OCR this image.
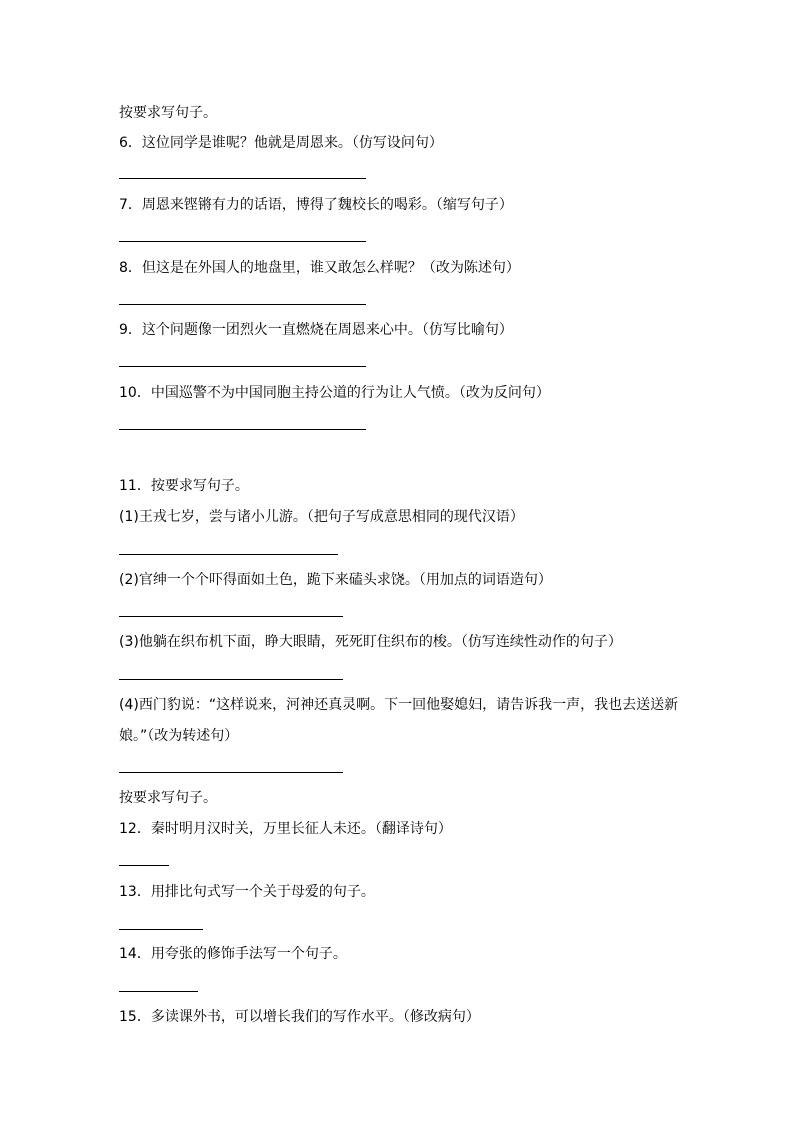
按要求写句子。
6．这位同学是谁呢？他就是周恩来。（仿写设问句）
7．周恩来铿锵有力的话语，博得了魏校长的喝彩。（缩写句子）
8．但这是在外国人的地盘里，谁又敢怎么样呢？（改为陈述句）
9．这个问题像一团烈火一直燃烧在周恩来心中。（仿写比喻句）
10．中国巡警不为中国同胞主持公道的行为让人气愤。（改为反问句）
11．按要求写句子。
(1)王戎七岁，尝与诸小儿游。（把句子写成意思相同的现代汉语）
(2)官绅一个个吓得面如土色，跪下来磕头求饶。（用加点的词语造句）
(3)他躺在织布机下面，睁大眼睛，死死盯住织布的梭。（仿写连续性动作的句子）
(4)西门豹说：“这样说来，河神还真灵啊。下一回他娶媳妇，请告诉我一声，我也去送送新
娘。”（改为转述句）
按要求写句子。
12．秦时明月汉时关，万里长征人未还。（翻译诗句）
13．用排比句式写一个关于母爱的句子。
14．用夸张的修饰手法写一个句子。
15．多读课外书，可以增长我们的写作水平。（修改病句）
